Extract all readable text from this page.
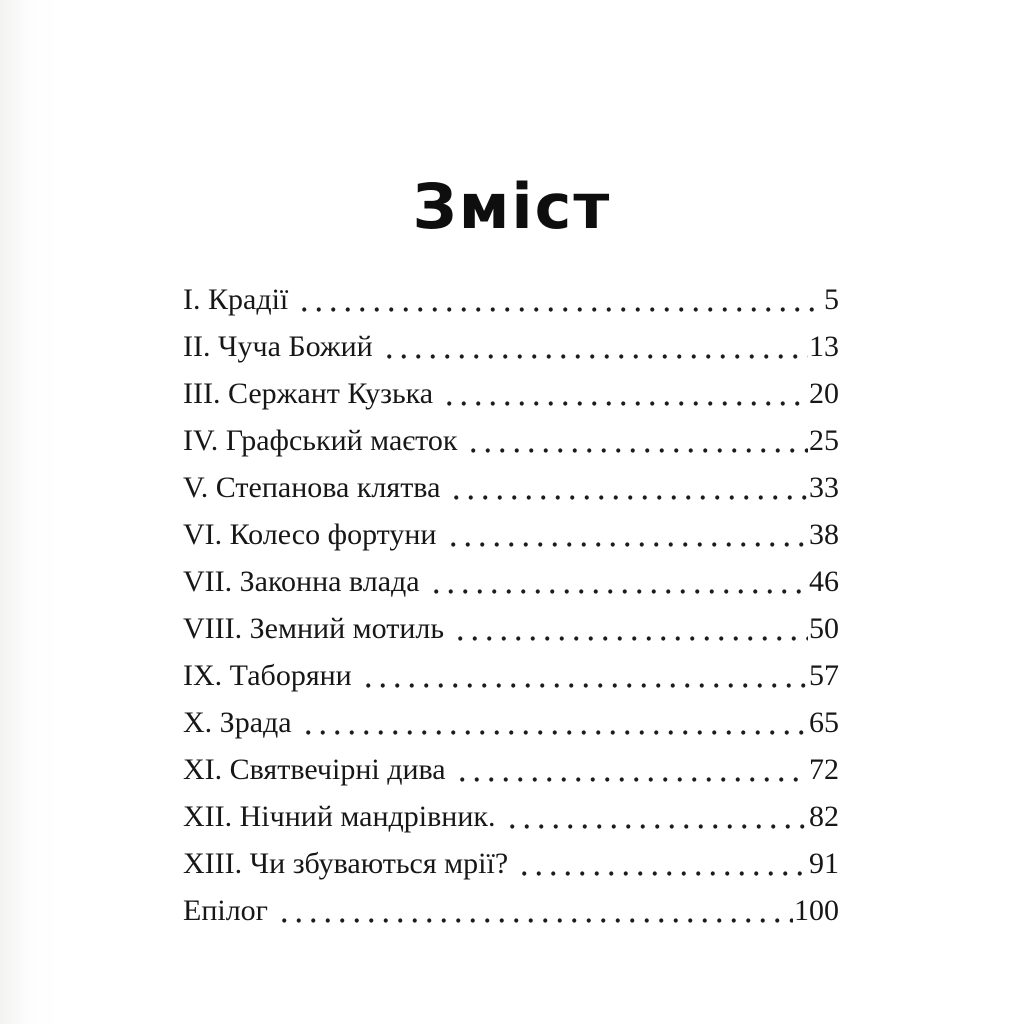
Зміст
I. Крадії	5
II. Чуча Божий	13
III. Сержант Кузька	20
IV. Графський маєток	25
V. Степанова клятва	33
VI. Колесо фортуни	38
VII. Законна влада	46
VIII. Земний мотиль	50
IX. Таборяни	57
X. Зрада	65
XI. Святвечірні дива	72
XII. Нічний мандрівник.	82
XIII. Чи збуваються мрії?	91
Епілог	100
